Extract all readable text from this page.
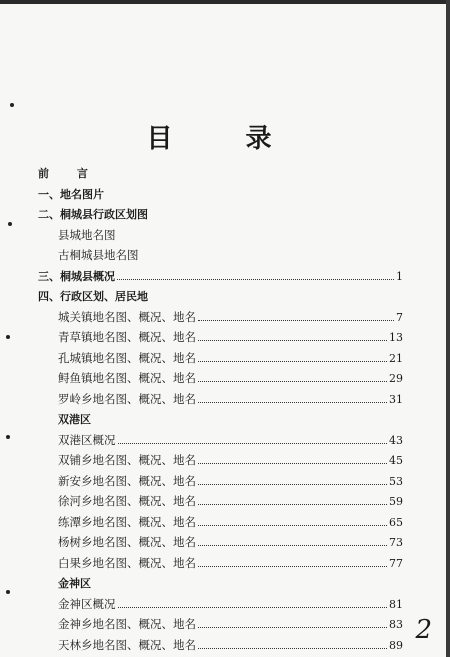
目 录
前 言
一、地名图片
二、桐城县行政区划图
县城地名图
古桐城县地名图
三、桐城县概况	1
四、行政区划、居民地
城关镇地名图、概况、地名	7
青草镇地名图、概况、地名	13
孔城镇地名图、概况、地名	21
鲟鱼镇地名图、概况、地名	29
罗岭乡地名图、概况、地名	31
双港区
双港区概况	43
双铺乡地名图、概况、地名	45
新安乡地名图、概况、地名	53
徐河乡地名图、概况、地名	59
练潭乡地名图、概况、地名	65
杨树乡地名图、概况、地名	73
白果乡地名图、概况、地名	77
金神区
金神区概况	81
金神乡地名图、概况、地名	83
天林乡地名图、概况、地名	89 2
